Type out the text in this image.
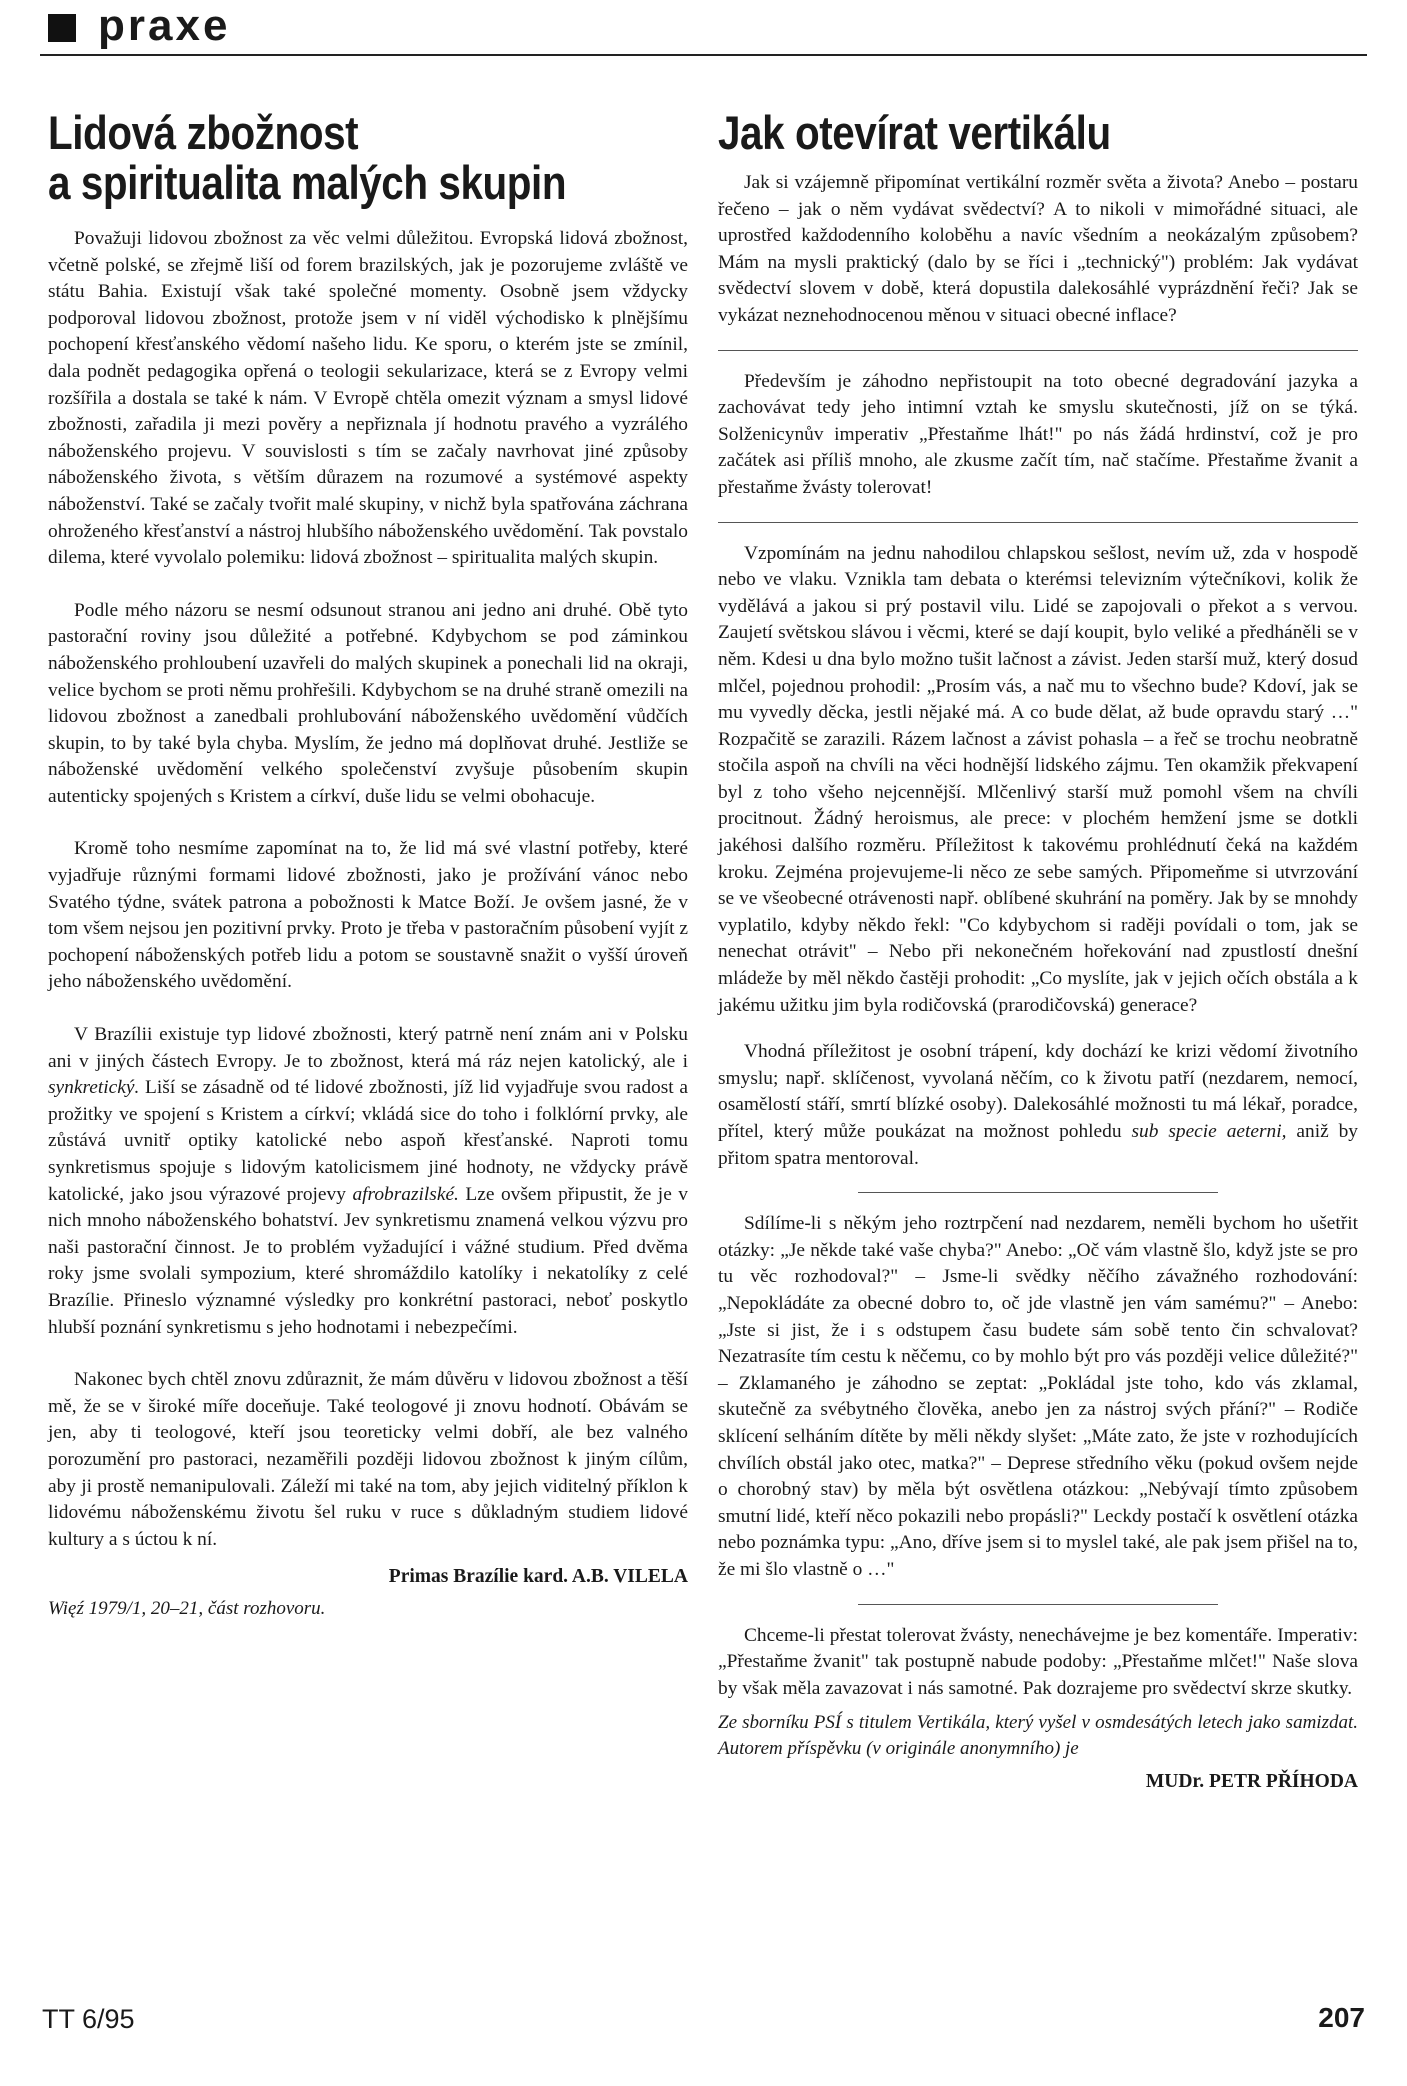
praxe
Lidová zbožnost
a spiritualita malých skupin

Považuji lidovou zbožnost za věc velmi důležitou. Evropská lidová zbožnost, včetně polské, se zřejmě liší od forem brazilských, jak je pozorujeme zvláště ve státu Bahia. Existují však také společné momenty. Osobně jsem vždycky podporoval lidovou zbožnost, protože jsem v ní viděl východisko k plnějšímu pochopení křesťanského vědomí našeho lidu. Ke sporu, o kterém jste se zmínil, dala podnět pedagogika opřená o teologii sekularizace, která se z Evropy velmi rozšířila a dostala se také k nám. V Evropě chtěla omezit význam a smysl lidové zbožnosti, zařadila ji mezi pověry a nepřiznala jí hodnotu pravého a vyzrálého náboženského projevu. V souvislosti s tím se začaly navrhovat jiné způsoby náboženského života, s větším důrazem na rozumové a systémové aspekty náboženství. Také se začaly tvořit malé skupiny, v nichž byla spatřována záchrana ohroženého křesťanství a nástroj hlubšího náboženského uvědomění. Tak povstalo dilema, které vyvolalo polemiku: lidová zbožnost – spiritualita malých skupin.

Podle mého názoru se nesmí odsunout stranou ani jedno ani druhé. Obě tyto pastorační roviny jsou důležité a potřebné. Kdybychom se pod záminkou náboženského prohloubení uzavřeli do malých skupinek a ponechali lid na okraji, velice bychom se proti němu prohřešili. Kdybychom se na druhé straně omezili na lidovou zbožnost a zanedbali prohlubování náboženského uvědomění vůdčích skupin, to by také byla chyba. Myslím, že jedno má doplňovat druhé. Jestliže se náboženské uvědomění velkého společenství zvyšuje působením skupin autenticky spojených s Kristem a církví, duše lidu se velmi obohacuje.

Kromě toho nesmíme zapomínat na to, že lid má své vlastní potřeby, které vyjadřuje různými formami lidové zbožnosti, jako je prožívání vánoc nebo Svatého týdne, svátek patrona a pobožnosti k Matce Boží. Je ovšem jasné, že v tom všem nejsou jen pozitivní prvky. Proto je třeba v pastoračním působení vyjít z pochopení náboženských potřeb lidu a potom se soustavně snažit o vyšší úroveň jeho náboženského uvědomění.

V Brazílii existuje typ lidové zbožnosti, který patrně není znám ani v Polsku ani v jiných částech Evropy. Je to zbožnost, která má ráz nejen katolický, ale i synkretický. Liší se zásadně od té lidové zbožnosti, jíž lid vyjadřuje svou radost a prožitky ve spojení s Kristem a církví; vkládá sice do toho i folklórní prvky, ale zůstává uvnitř optiky katolické nebo aspoň křesťanské. Naproti tomu synkretismus spojuje s lidovým katolicismem jiné hodnoty, ne vždycky právě katolické, jako jsou výrazové projevy afrobrazilské. Lze ovšem připustit, že je v nich mnoho náboženského bohatství. Jev synkretismu znamená velkou výzvu pro naši pastorační činnost. Je to problém vyžadující i vážné studium. Před dvěma roky jsme svolali sympozium, které shromáždilo katolíky i nekatolíky z celé Brazílie. Přineslo významné výsledky pro konkrétní pastoraci, neboť poskytlo hlubší poznání synkretismu s jeho hodnotami i nebezpečími.

Nakonec bych chtěl znovu zdůraznit, že mám důvěru v lidovou zbožnost a těší mě, že se v široké míře doceňuje. Také teologové ji znovu hodnotí. Obávám se jen, aby ti teologové, kteří jsou teoreticky velmi dobří, ale bez valného porozumění pro pastoraci, nezaměřili později lidovou zbožnost k jiným cílům, aby ji prostě nemanipulovali. Záleží mi také na tom, aby jejich viditelný příklon k lidovému náboženskému životu šel ruku v ruce s důkladným studiem lidové kultury a s úctou k ní.

Primas Brazílie kard. A.B. VILELA
Więź 1979/1, 20–21, část rozhovoru.
Jak otevírat vertikálu

Jak si vzájemně připomínat vertikální rozměr světa a života? Anebo – postaru řečeno – jak o něm vydávat svědectví? A to nikoli v mimořádné situaci, ale uprostřed každodenního koloběhu a navíc všedním a neokázalým způsobem? Mám na mysli praktický (dalo by se říci i „technický") problém: Jak vydávat svědectví slovem v době, která dopustila dalekosáhlé vyprázdnění řeči? Jak se vykázat neznehodnocenou měnou v situaci obecné inflace?

Především je záhodno nepřistoupit na toto obecné degradování jazyka a zachovávat tedy jeho intimní vztah ke smyslu skutečnosti, jíž on se týká. Solženicynův imperativ „Přestaňme lhát!" po nás žádá hrdinství, což je pro začátek asi příliš mnoho, ale zkusme začít tím, nač stačíme. Přestaňme žvanit a přestaňme žvásty tolerovat!

Vzpomínám na jednu nahodilou chlapskou sešlost, nevím už, zda v hospodě nebo ve vlaku. Vznikla tam debata o kterémsi televizním výtečníkovi, kolik že vydělává a jakou si prý postavil vilu. Lidé se zapojovali o překot a s vervou. Zaujetí světskou slávou i věcmi, které se dají koupit, bylo veliké a předháněli se v něm. Kdesi u dna bylo možno tušit lačnost a závist. Jeden starší muž, který dosud mlčel, pojednou prohodil: „Prosím vás, a nač mu to všechno bude? Kdoví, jak se mu vyvedly děcka, jestli nějaké má. A co bude dělat, až bude opravdu starý …" Rozpačitě se zarazili. Rázem lačnost a závist pohasla – a řeč se trochu neobratně stočila aspoň na chvíli na věci hodnější lidského zájmu. Ten okamžik překvapení byl z toho všeho nejcennější. Mlčenlivý starší muž pomohl všem na chvíli procitnout. Žádný heroismus, ale prece: v plochém hemžení jsme se dotkli jakéhosi dalšího rozměru. Příležitost k takovému prohlédnutí čeká na každém kroku. Zejména projevujeme-li něco ze sebe samých. Připomeňme si utvrzování se ve všeobecné otrávenosti např. oblíbené skuhrání na poměry. Jak by se mnohdy vyplatilo, kdyby někdo řekl: "Co kdybychom si raději povídali o tom, jak se nenechat otrávit" – Nebo při nekonečném hořekování nad zpustlostí dnešní mládeže by měl někdo častěji prohodit: „Co myslíte, jak v jejich očích obstála a k jakému užitku jim byla rodičovská (prarodičovská) generace?

Vhodná příležitost je osobní trápení, kdy dochází ke krizi vědomí životního smyslu; např. sklíčenost, vyvolaná něčím, co k životu patří (nezdarem, nemocí, osamělostí stáří, smrtí blízké osoby). Dalekosáhlé možnosti tu má lékař, poradce, přítel, který může poukázat na možnost pohledu sub specie aeterni, aniž by přitom spatra mentoroval.

Sdílíme-li s někým jeho roztrpčení nad nezdarem, neměli bychom ho ušetřit otázky: „Je někde také vaše chyba?" Anebo: „Oč vám vlastně šlo, když jste se pro tu věc rozhodoval?" – Jsme-li svědky něčího závažného rozhodování: „Nepokládáte za obecné dobro to, oč jde vlastně jen vám samému?" – Anebo: „Jste si jist, že i s odstupem času budete sám sobě tento čin schvalovat? Nezatrasíte tím cestu k něčemu, co by mohlo být pro vás později velice důležité?" – Zklamaného je záhodno se zeptat: „Pokládal jste toho, kdo vás zklamal, skutečně za svébytného člověka, anebo jen za nástroj svých přání?" – Rodiče sklícení selháním dítěte by měli někdy slyšet: „Máte zato, že jste v rozhodujících chvílích obstál jako otec, matka?" – Deprese středního věku (pokud ovšem nejde o chorobný stav) by měla být osvětlena otázkou: „Nebývají tímto způsobem smutní lidé, kteří něco pokazili nebo propásli?" Leckdy postačí k osvětlení otázka nebo poznámka typu: „Ano, dříve jsem si to myslel také, ale pak jsem přišel na to, že mi šlo vlastně o …"

Chceme-li přestat tolerovat žvásty, nenechávejme je bez komentáře. Imperativ: „Přestaňme žvanit" tak postupně nabude podoby: „Přestaňme mlčet!" Naše slova by však měla zavazovat i nás samotné. Pak dozrajeme pro svědectví skrze skutky.

Ze sborníku PSÍ s titulem Vertikála, který vyšel v osmdesátých letech jako samizdat. Autorem příspěvku (v originále anonymního) je
MUDr. PETR PŘÍHODA
TT 6/95	207
